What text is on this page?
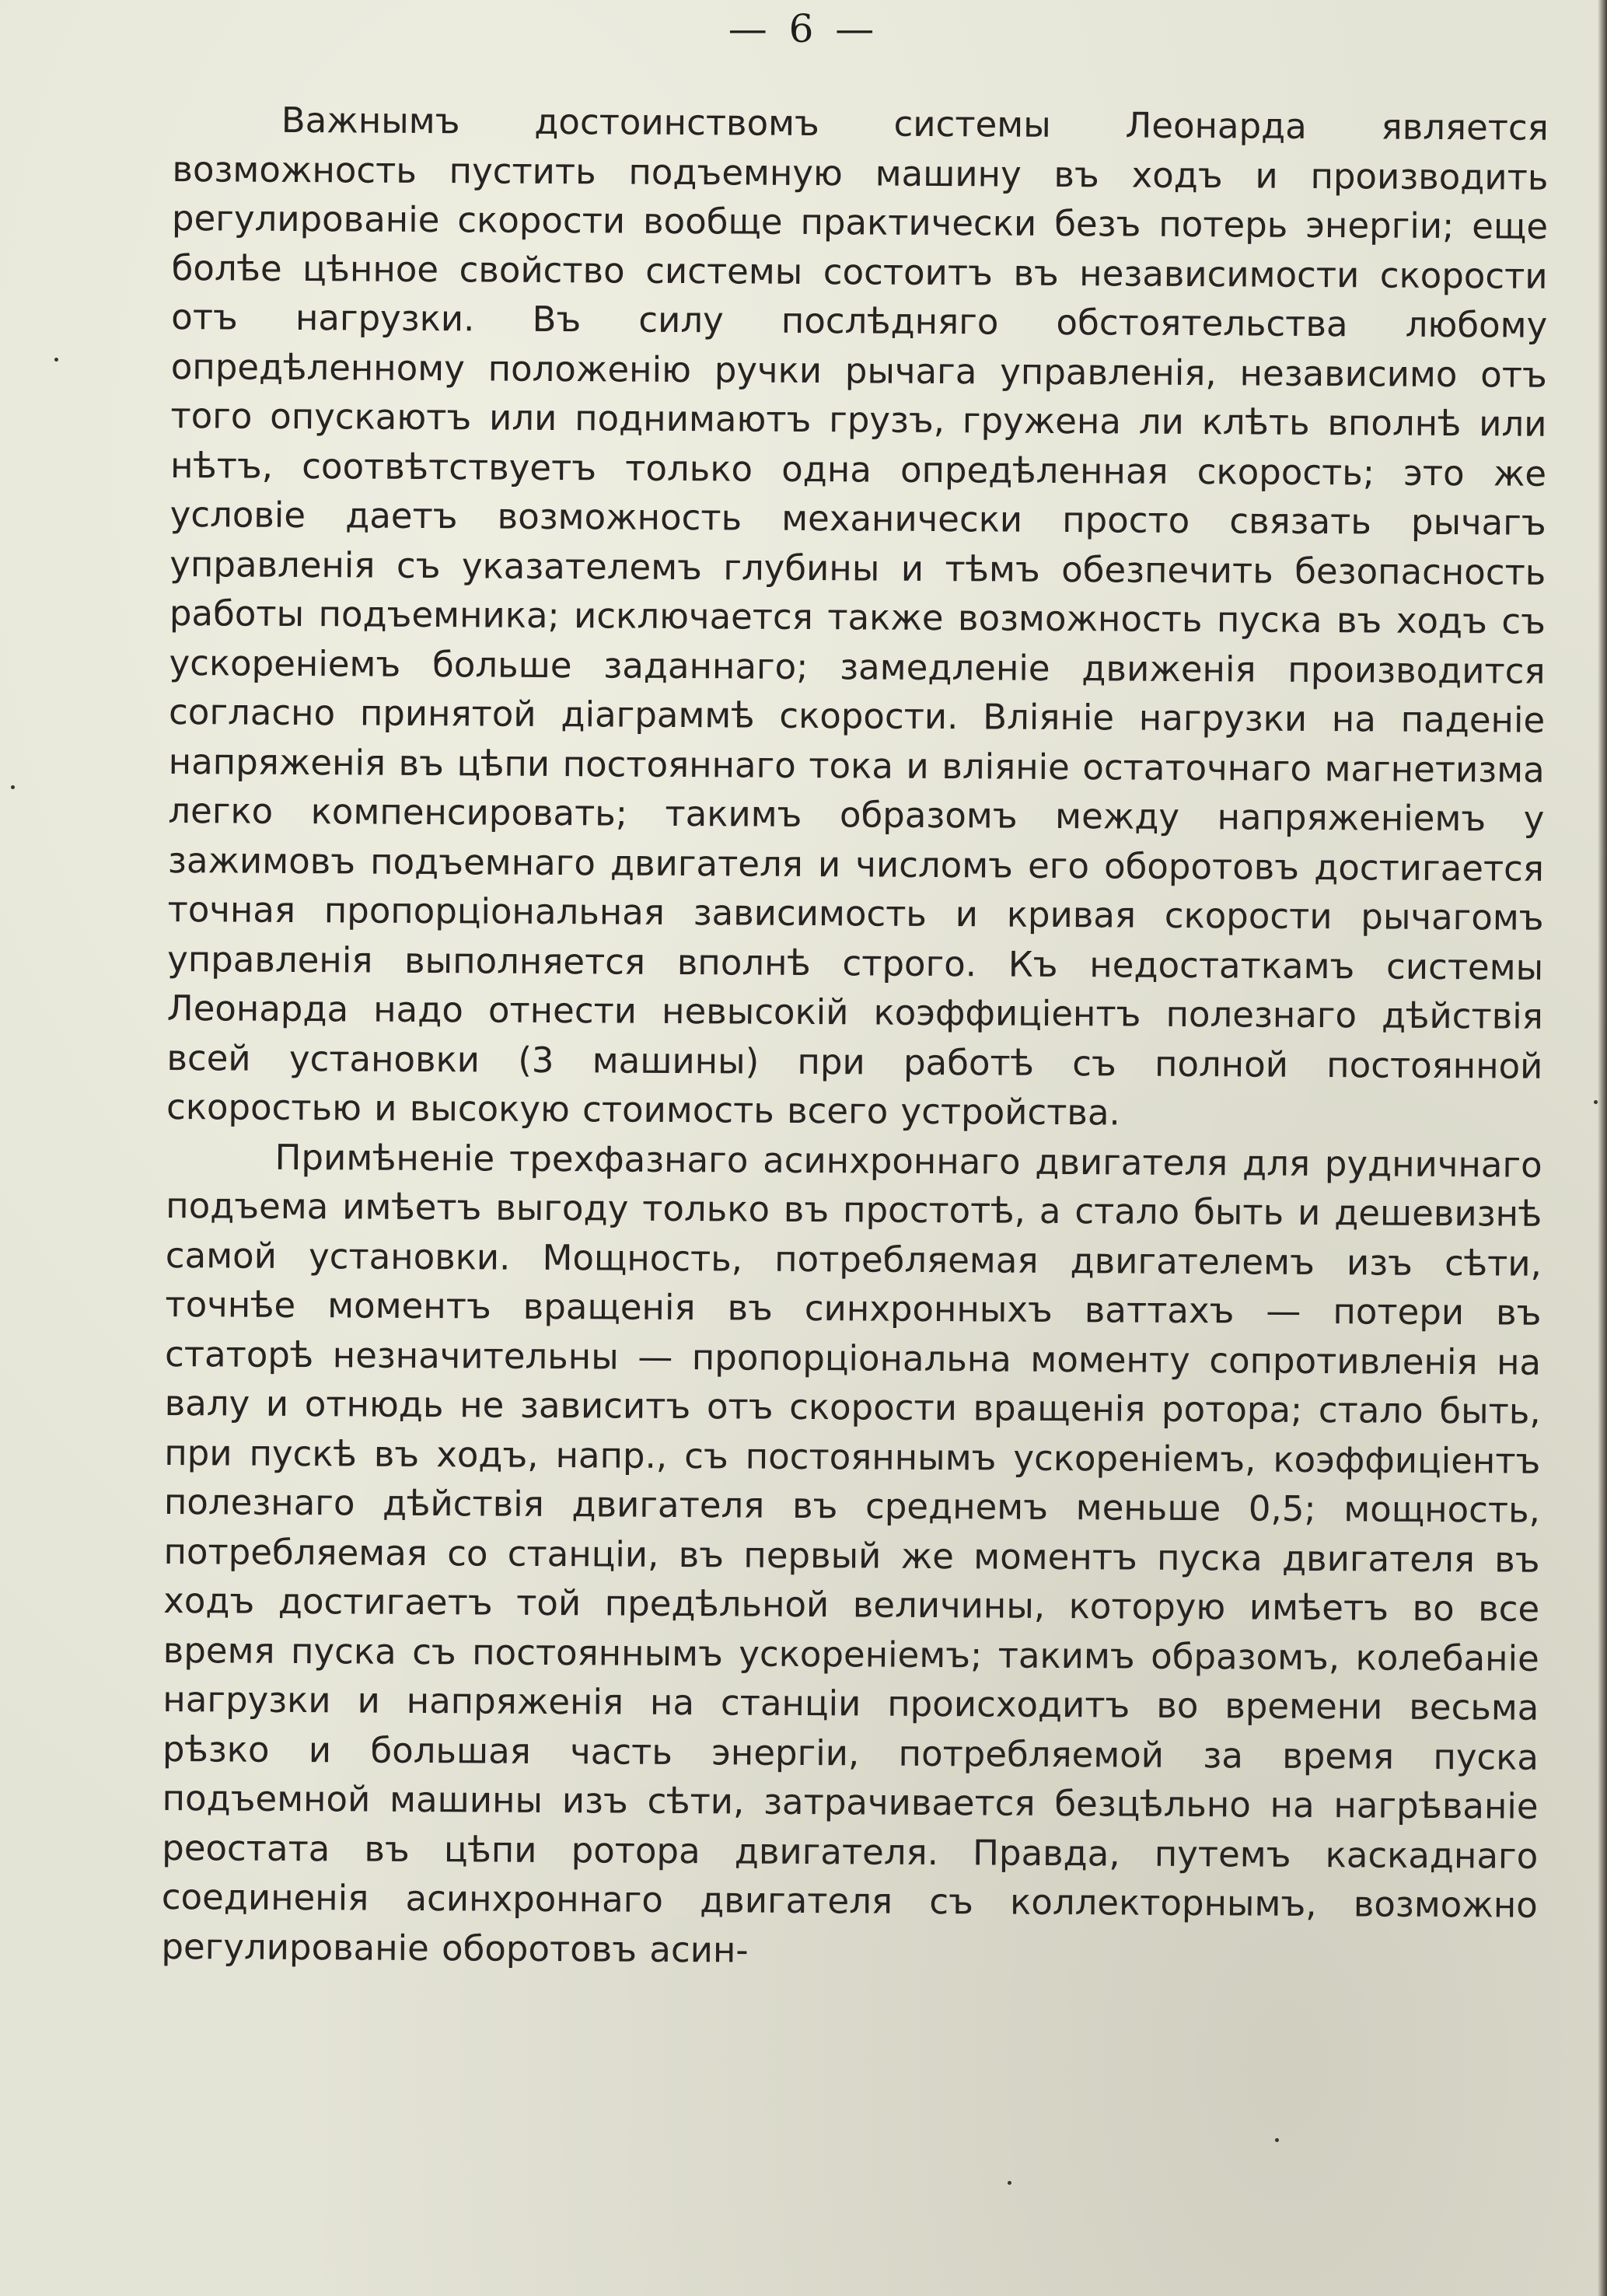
— 6 —

Важнымъ достоинствомъ системы Леонарда является возможность пустить подъемную машину въ ходъ и производить регулированіе скорости вообще практически безъ потерь энергіи; еще болѣе цѣнное свойство системы состоитъ въ независимости скорости отъ нагрузки. Въ силу послѣдняго обстоятельства любому опредѣленному положенію ручки рычага управленія, независимо отъ того опускаютъ или поднимаютъ грузъ, гружена ли клѣть вполнѣ или нѣтъ, соотвѣтствуетъ только одна опредѣленная скорость; это же условіе даетъ возможность механически просто связать рычагъ управленія съ указателемъ глубины и тѣмъ обезпечить безопасность работы подъемника; исключается также возможность пуска въ ходъ съ ускореніемъ больше заданнаго; замедленіе движенія производится согласно принятой діаграммѣ скорости. Вліяніе нагрузки на паденіе напряженія въ цѣпи постояннаго тока и вліяніе остаточнаго магнетизма легко компенсировать; такимъ образомъ между напряженіемъ у зажимовъ подъемнаго двигателя и числомъ его оборотовъ достигается точная пропорціональная зависимость и кривая скорости рычагомъ управленія выполняется вполнѣ строго. Къ недостаткамъ системы Леонарда надо отнести невысокій коэффиціентъ полезнаго дѣйствія всей установки (3 машины) при работѣ съ полной постоянной скоростью и высокую стоимость всего устройства.

Примѣненіе трехфазнаго асинхроннаго двигателя для рудничнаго подъема имѣетъ выгоду только въ простотѣ, а стало быть и дешевизнѣ самой установки. Мощность, потребляемая двигателемъ изъ сѣти, точнѣе моментъ вращенія въ синхронныхъ ваттахъ — потери въ статорѣ незначительны — пропорціональна моменту сопротивленія на валу и отнюдь не зависитъ отъ скорости вращенія ротора; стало быть, при пускѣ въ ходъ, напр., съ постояннымъ ускореніемъ, коэффиціентъ полезнаго дѣйствія двигателя въ среднемъ меньше 0,5; мощность, потребляемая со станціи, въ первый же моментъ пуска двигателя въ ходъ достигаетъ той предѣльной величины, которую имѣетъ во все время пуска съ постояннымъ ускореніемъ; такимъ образомъ, колебаніе нагрузки и напряженія на станціи происходитъ во времени весьма рѣзко и большая часть энергіи, потребляемой за время пуска подъемной машины изъ сѣти, затрачивается безцѣльно на нагрѣваніе реостата въ цѣпи ротора двигателя. Правда, путемъ каскаднаго соединенія асинхроннаго двигателя съ коллекторнымъ, возможно регулированіе оборотовъ асин-
